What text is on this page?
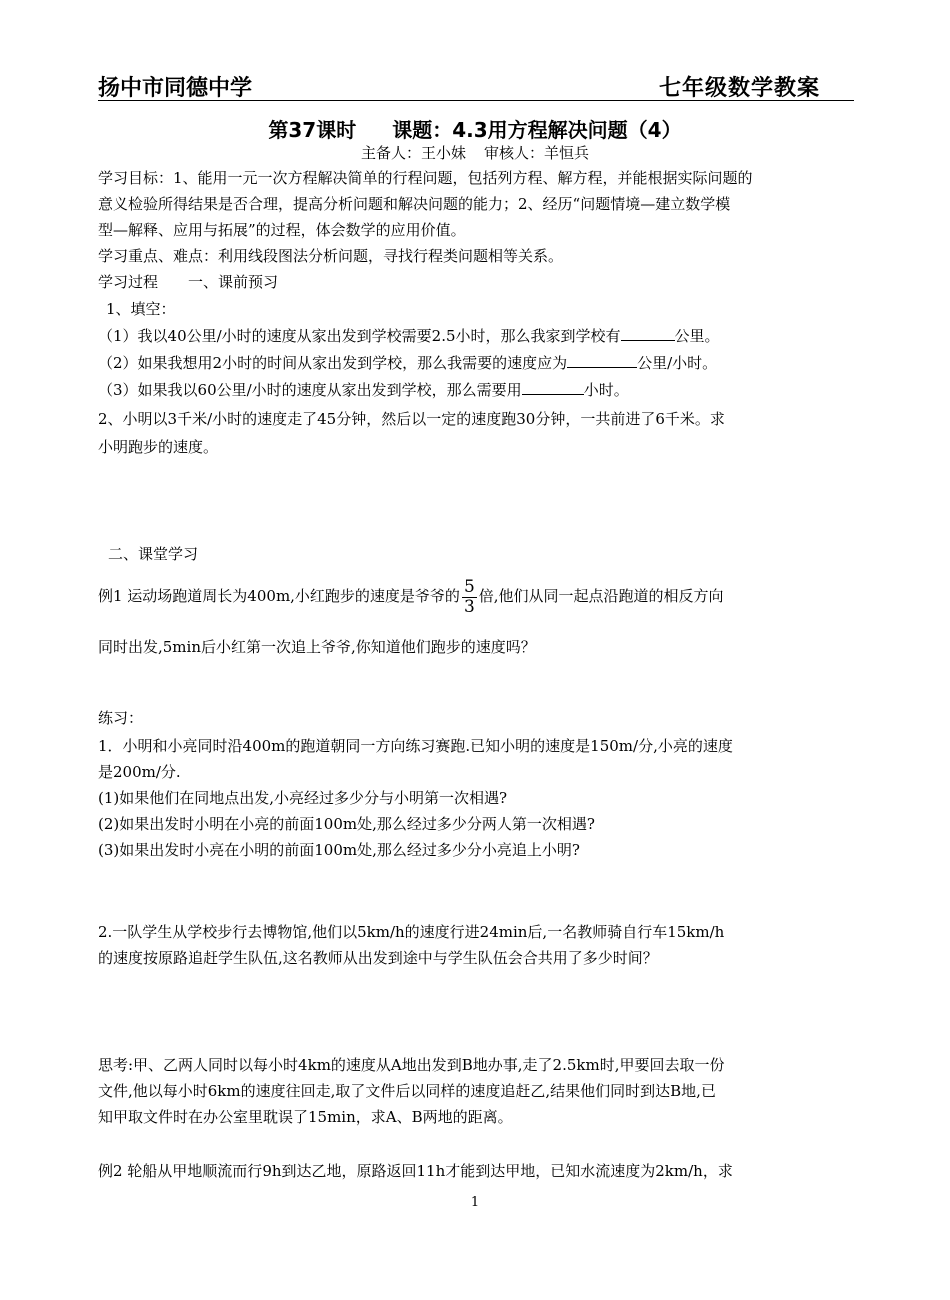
扬中市同德中学	七年级数学教案
第37课时 课题：4.3用方程解决问题（4）
主备人：王小妹 审核人：羊恒兵
学习目标：1、能用一元一次方程解决简单的行程问题，包括列方程、解方程，并能根据实际问题的
意义检验所得结果是否合理，提高分析问题和解决问题的能力；2、经历“问题情境—建立数学模
型—解释、应用与拓展”的过程，体会数学的应用价值。
学习重点、难点：利用线段图法分析问题，寻找行程类问题相等关系。
学习过程 一、课前预习
1、填空：
（1）我以40公里/小时的速度从家出发到学校需要2.5小时，那么我家到学校有	公里。
（2）如果我想用2小时的时间从家出发到学校，那么我需要的速度应为	公里/小时。
（3）如果我以60公里/小时的速度从家出发到学校，那么需要用	小时。
2、小明以3千米/小时的速度走了45分钟，然后以一定的速度跑30分钟，一共前进了6千米。求
小明跑步的速度。
二、课堂学习
例1 运动场跑道周长为400m,小红跑步的速度是爷爷的 $\frac{5}{3}$ 倍,他们从同一起点沿跑道的相反方向
同时出发,5min后小红第一次追上爷爷,你知道他们跑步的速度吗？
练习：
1．小明和小亮同时沿400m的跑道朝同一方向练习赛跑.已知小明的速度是150m/分,小亮的速度
是200m/分.
(1)如果他们在同地点出发,小亮经过多少分与小明第一次相遇?
(2)如果出发时小明在小亮的前面100m处,那么经过多少分两人第一次相遇?
(3)如果出发时小亮在小明的前面100m处,那么经过多少分小亮追上小明?
2.一队学生从学校步行去博物馆,他们以5km/h的速度行进24min后,一名教师骑自行车15km/h
的速度按原路追赶学生队伍,这名教师从出发到途中与学生队伍会合共用了多少时间？
思考:甲、乙两人同时以每小时4km的速度从A地出发到B地办事,走了2.5km时,甲要回去取一份
文件,他以每小时6km的速度往回走,取了文件后以同样的速度追赶乙,结果他们同时到达B地,已
知甲取文件时在办公室里耽误了15min，求A、B两地的距离。
例2 轮船从甲地顺流而行9h到达乙地，原路返回11h才能到达甲地，已知水流速度为2km/h，求
1
